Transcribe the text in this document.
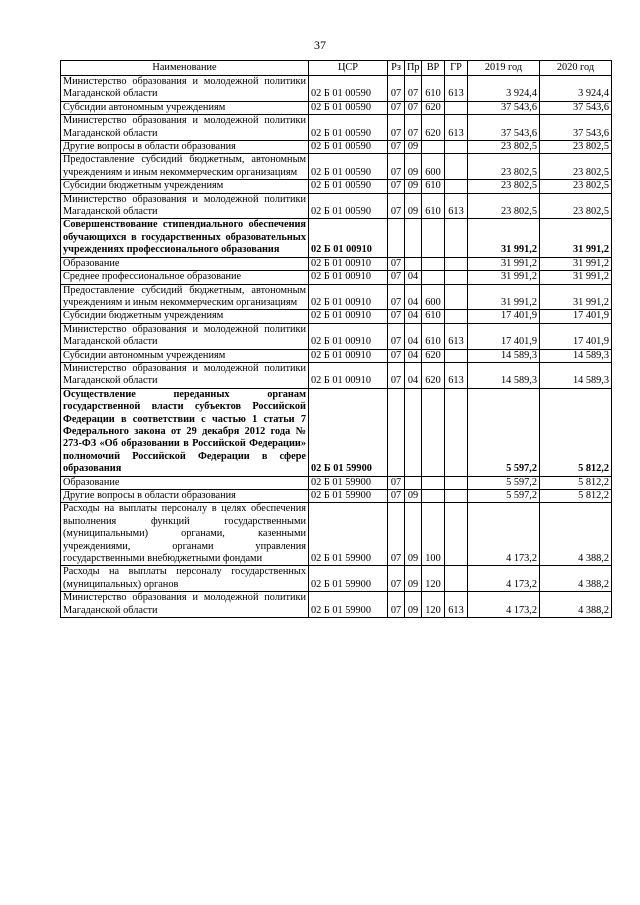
37
Наименование	ЦСР	Рз	Пр	ВР	ГР	2019 год	2020 год
Министерство образования и молодежной политики Магаданской области	02 Б 01 00590	07	07	610	613	3 924,4	3 924,4
Субсидии автономным учреждениям	02 Б 01 00590	07	07	620		37 543,6	37 543,6
Министерство образования и молодежной политики Магаданской области	02 Б 01 00590	07	07	620	613	37 543,6	37 543,6
Другие вопросы в области образования	02 Б 01 00590	07	09			23 802,5	23 802,5
Предоставление субсидий бюджетным, автономным учреждениям и иным некоммерческим организациям	02 Б 01 00590	07	09	600		23 802,5	23 802,5
Субсидии бюджетным учреждениям	02 Б 01 00590	07	09	610		23 802,5	23 802,5
Министерство образования и молодежной политики Магаданской области	02 Б 01 00590	07	09	610	613	23 802,5	23 802,5
Совершенствование стипендиального обеспечения обучающихся в государственных образовательных учреждениях профессионального образования	02 Б 01 00910					31 991,2	31 991,2
Образование	02 Б 01 00910	07				31 991,2	31 991,2
Среднее профессиональное образование	02 Б 01 00910	07	04			31 991,2	31 991,2
Предоставление субсидий бюджетным, автономным учреждениям и иным некоммерческим организациям	02 Б 01 00910	07	04	600		31 991,2	31 991,2
Субсидии бюджетным учреждениям	02 Б 01 00910	07	04	610		17 401,9	17 401,9
Министерство образования и молодежной политики Магаданской области	02 Б 01 00910	07	04	610	613	17 401,9	17 401,9
Субсидии автономным учреждениям	02 Б 01 00910	07	04	620		14 589,3	14 589,3
Министерство образования и молодежной политики Магаданской области	02 Б 01 00910	07	04	620	613	14 589,3	14 589,3
Осуществление переданных органам государственной власти субъектов Российской Федерации в соответствии с частью 1 статьи 7 Федерального закона от 29 декабря 2012 года № 273-ФЗ «Об образовании в Российской Федерации» полномочий Российской Федерации в сфере образования	02 Б 01 59900					5 597,2	5 812,2
Образование	02 Б 01 59900	07				5 597,2	5 812,2
Другие вопросы в области образования	02 Б 01 59900	07	09			5 597,2	5 812,2
Расходы на выплаты персоналу в целях обеспечения выполнения функций государственными (муниципальными) органами, казенными учреждениями, органами управления государственными внебюджетными фондами	02 Б 01 59900	07	09	100		4 173,2	4 388,2
Расходы на выплаты персоналу государственных (муниципальных) органов	02 Б 01 59900	07	09	120		4 173,2	4 388,2
Министерство образования и молодежной политики Магаданской области	02 Б 01 59900	07	09	120	613	4 173,2	4 388,2
